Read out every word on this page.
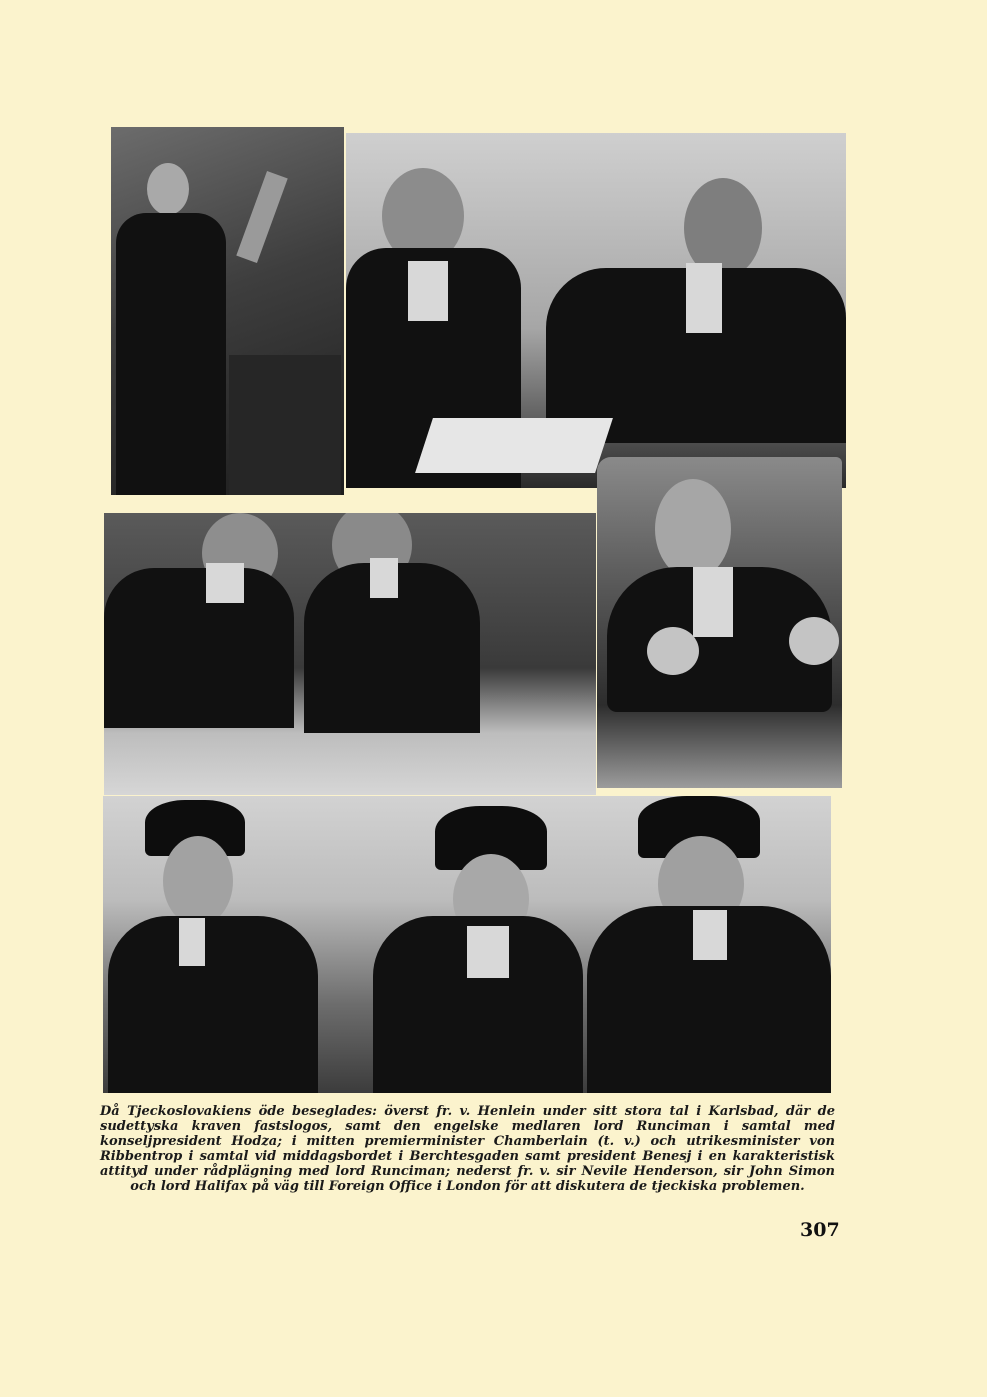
Då Tjeckoslovakiens öde beseglades: överst fr. v. Henlein under sitt stora tal i Karlsbad, där de sudettyska kraven fastslogos, samt den engelske medlaren lord Runciman i samtal med konseljpresident Hodza; i mitten premierminister Chamberlain (t. v.) och utrikesminister von Ribbentrop i samtal vid middagsbordet i Berchtesgaden samt president Benesj i en karakteristisk attityd under rådplägning med lord Runciman; nederst fr. v. sir Nevile Henderson, sir John Simon och lord Halifax på väg till Foreign Office i London för att diskutera de tjeckiska problemen.
307
